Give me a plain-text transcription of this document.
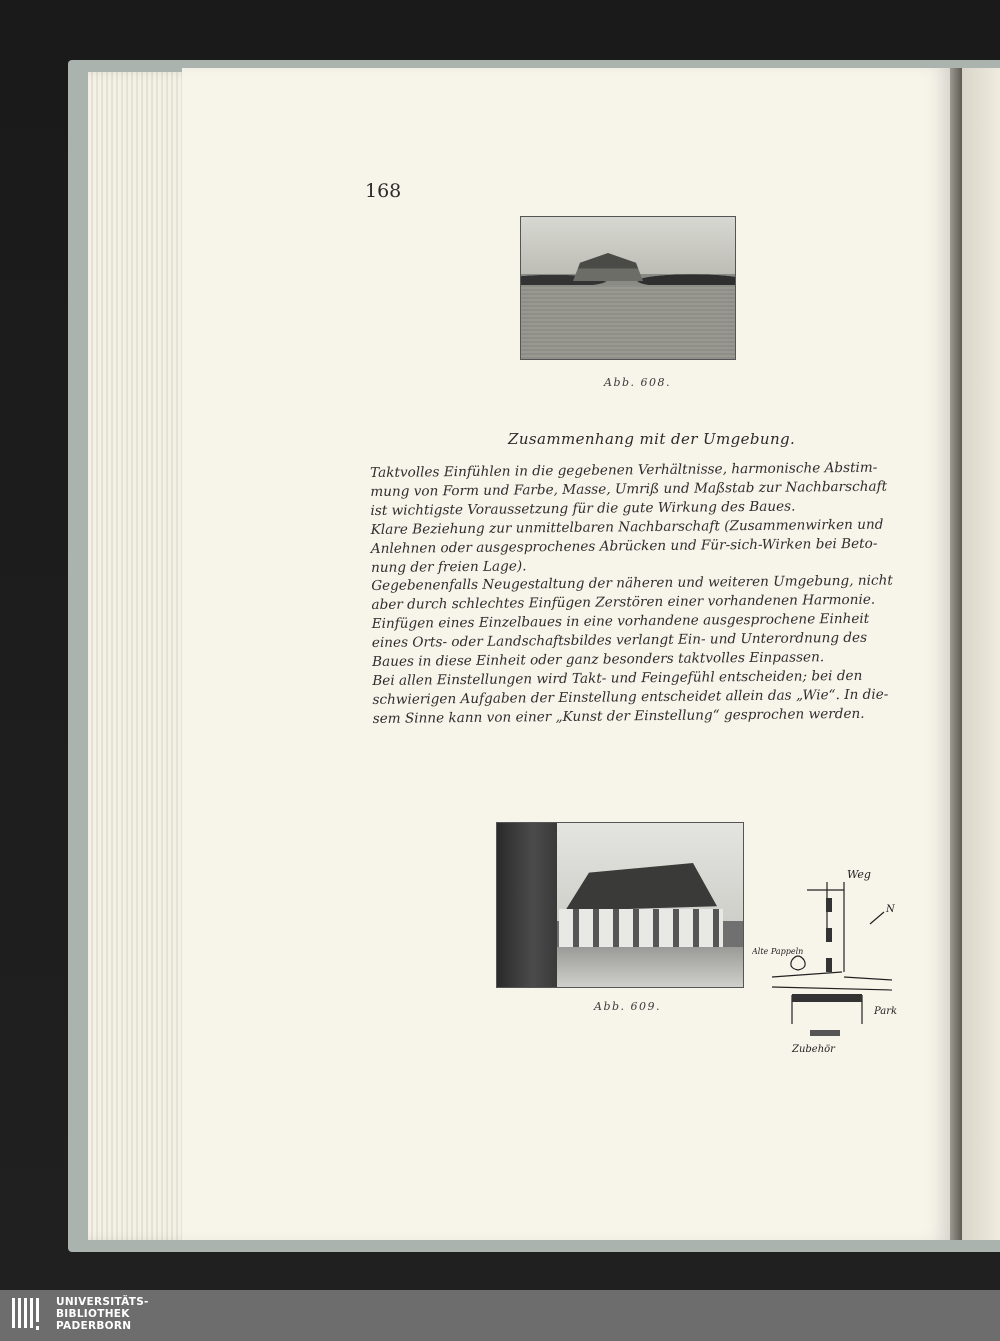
168
Abb. 608.
Zusammenhang mit der Umgebung.
Taktvolles Einfühlen in die gegebenen Verhältnisse, harmonische Abstim-
mung von Form und Farbe, Masse, Umriß und Maßstab zur Nachbarschaft
ist wichtigste Voraussetzung für die gute Wirkung des Baues.
Klare Beziehung zur unmittelbaren Nachbarschaft (Zusammenwirken und
Anlehnen oder ausgesprochenes Abrücken und Für-sich-Wirken bei Beto-
nung der freien Lage).
Gegebenenfalls Neugestaltung der näheren und weiteren Umgebung, nicht
aber durch schlechtes Einfügen Zerstören einer vorhandenen Harmonie.
Einfügen eines Einzelbaues in eine vorhandene ausgesprochene Einheit
eines Orts- oder Landschaftsbildes verlangt Ein- und Unterordnung des
Baues in diese Einheit oder ganz besonders taktvolles Einpassen.
Bei allen Einstellungen wird Takt- und Feingefühl entscheiden; bei den
schwierigen Aufgaben der Einstellung entscheidet allein das „Wie“. In die-
sem Sinne kann von einer „Kunst der Einstellung“ gesprochen werden.
Abb. 609.
Weg
N
Alte Pappeln
Park
Zubehör
UNIVERSITÄTS-
BIBLIOTHEK
PADERBORN
